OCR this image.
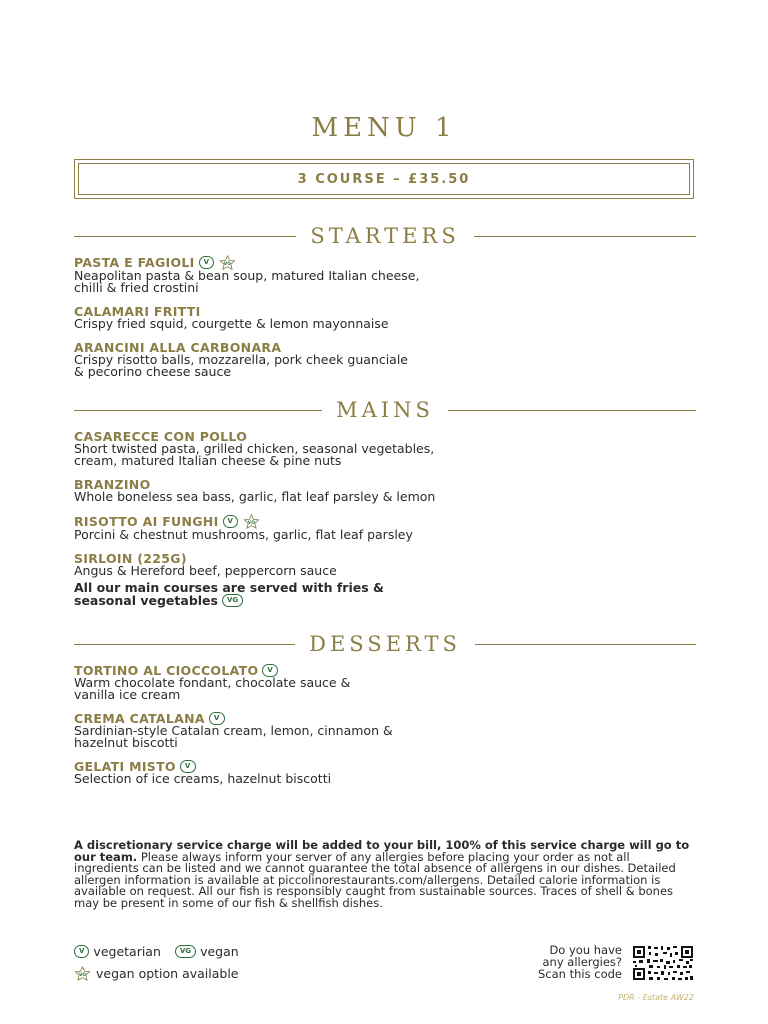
MENU 1
3 COURSE – £35.50
STARTERS
PASTA E FAGIOLI	V	VO
Neapolitan pasta & bean soup, matured Italian cheese,
chilli & fried crostini
CALAMARI FRITTI
Crispy fried squid, courgette & lemon mayonnaise
ARANCINI ALLA CARBONARA
Crispy risotto balls, mozzarella, pork cheek guanciale
& pecorino cheese sauce
MAINS
CASARECCE CON POLLO
Short twisted pasta, grilled chicken, seasonal vegetables,
cream, matured Italian cheese & pine nuts
BRANZINO
Whole boneless sea bass, garlic, flat leaf parsley & lemon
RISOTTO AI FUNGHI	V	VO
Porcini & chestnut mushrooms, garlic, flat leaf parsley
SIRLOIN (225G)
Angus & Hereford beef, peppercorn sauce
All our main courses are served with fries &
seasonal vegetables	VG
DESSERTS
TORTINO AL CIOCCOLATO	V
Warm chocolate fondant, chocolate sauce &
vanilla ice cream
CREMA CATALANA	V
Sardinian-style Catalan cream, lemon, cinnamon &
hazelnut biscotti
GELATI MISTO	V
Selection of ice creams, hazelnut biscotti
A discretionary service charge will be added to your bill, 100% of this service charge will go to our team. Please always inform your server of any allergies before placing your order as not all ingredients can be listed and we cannot guarantee the total absence of allergens in our dishes. Detailed allergen information is available at piccolinorestaurants.com/allergens. Detailed calorie information is available on request. All our fish is responsibly caught from sustainable sources. Traces of shell & bones may be present in some of our fish & shellfish dishes.
V vegetarian	VG vegan
VO vegan option available
Do you have
any allergies?
Scan this code
PDR - Estate AW22
